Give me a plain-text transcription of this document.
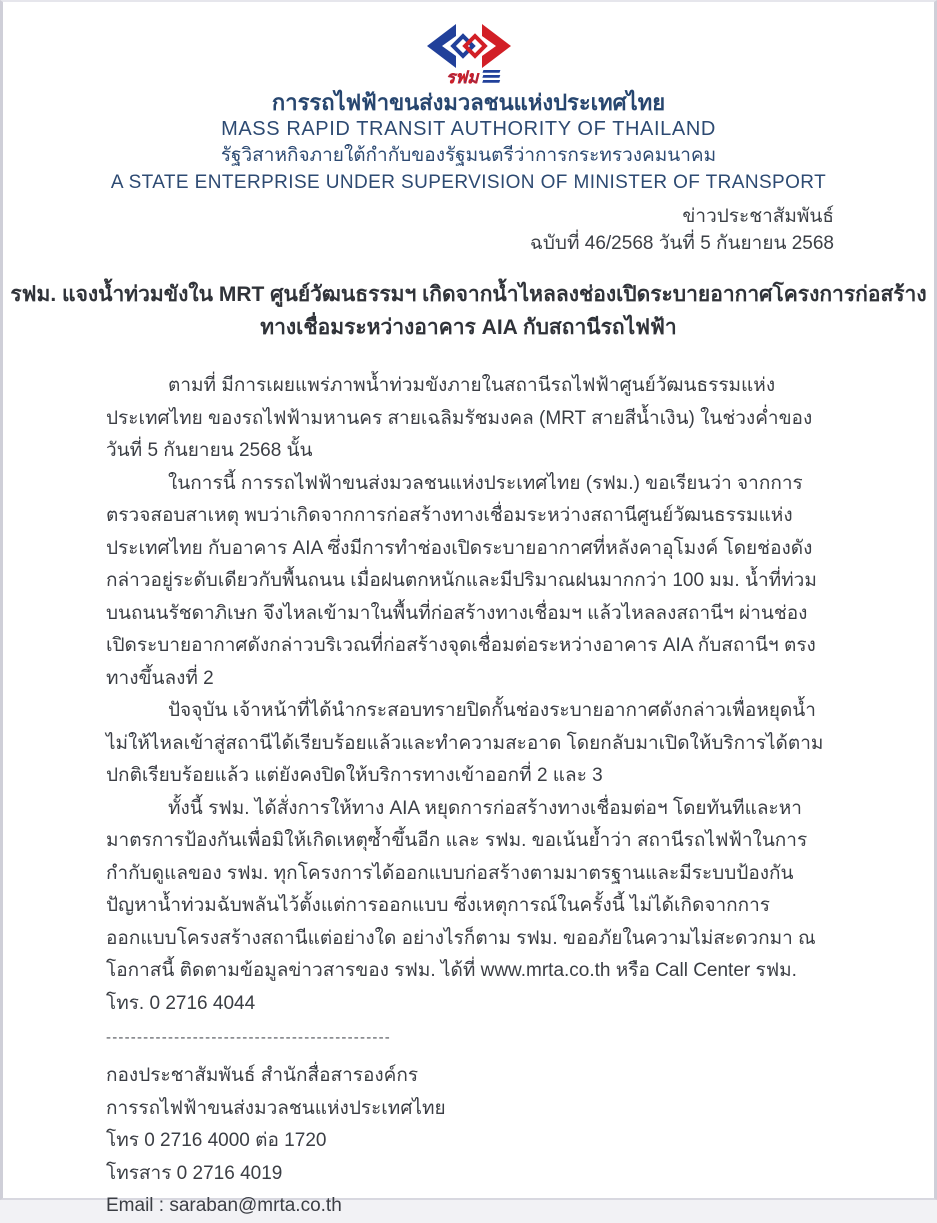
รฟม
การรถไฟฟ้าขนส่งมวลชนแห่งประเทศไทย
MASS RAPID TRANSIT AUTHORITY OF THAILAND
รัฐวิสาหกิจภายใต้กำกับของรัฐมนตรีว่าการกระทรวงคมนาคม
A STATE ENTERPRISE UNDER SUPERVISION OF MINISTER OF TRANSPORT
ข่าวประชาสัมพันธ์
ฉบับที่ 46/2568 วันที่ 5 กันยายน 2568
รฟม. แจงน้ำท่วมขังใน MRT ศูนย์วัฒนธรรมฯ เกิดจากน้ำไหลลงช่องเปิดระบายอากาศโครงการก่อสร้าง
ทางเชื่อมระหว่างอาคาร AIA กับสถานีรถไฟฟ้า

ตามที่ มีการเผยแพร่ภาพน้ำท่วมขังภายในสถานีรถไฟฟ้าศูนย์วัฒนธรรมแห่งประเทศไทย ของรถไฟฟ้ามหานคร สายเฉลิมรัชมงคล (MRT สายสีน้ำเงิน) ในช่วงค่ำของวันที่ 5 กันยายน 2568 นั้น

ในการนี้ การรถไฟฟ้าขนส่งมวลชนแห่งประเทศไทย (รฟม.) ขอเรียนว่า จากการตรวจสอบสาเหตุ พบว่าเกิดจากการก่อสร้างทางเชื่อมระหว่างสถานีศูนย์วัฒนธรรมแห่งประเทศไทย กับอาคาร AIA ซึ่งมีการทำช่องเปิดระบายอากาศที่หลังคาอุโมงค์ โดยช่องดังกล่าวอยู่ระดับเดียวกับพื้นถนน เมื่อฝนตกหนักและมีปริมาณฝนมากกว่า 100 มม. น้ำที่ท่วมบนถนนรัชดาภิเษก จึงไหลเข้ามาในพื้นที่ก่อสร้างทางเชื่อมฯ แล้วไหลลงสถานีฯ ผ่านช่องเปิดระบายอากาศดังกล่าวบริเวณที่ก่อสร้างจุดเชื่อมต่อระหว่างอาคาร AIA กับสถานีฯ ตรงทางขึ้นลงที่ 2

ปัจจุบัน เจ้าหน้าที่ได้นำกระสอบทรายปิดกั้นช่องระบายอากาศดังกล่าวเพื่อหยุดน้ำไม่ให้ไหลเข้าสู่สถานีได้เรียบร้อยแล้วและทำความสะอาด โดยกลับมาเปิดให้บริการได้ตามปกติเรียบร้อยแล้ว แต่ยังคงปิดให้บริการทางเข้าออกที่ 2 และ 3

ทั้งนี้ รฟม. ได้สั่งการให้ทาง AIA หยุดการก่อสร้างทางเชื่อมต่อฯ โดยทันทีและหามาตรการป้องกันเพื่อมิให้เกิดเหตุซ้ำขึ้นอีก และ รฟม. ขอเน้นย้ำว่า สถานีรถไฟฟ้าในการกำกับดูแลของ รฟม. ทุกโครงการได้ออกแบบก่อสร้างตามมาตรฐานและมีระบบป้องกันปัญหาน้ำท่วมฉับพลันไว้ตั้งแต่การออกแบบ ซึ่งเหตุการณ์ในครั้งนี้ ไม่ได้เกิดจากการออกแบบโครงสร้างสถานีแต่อย่างใด อย่างไรก็ตาม รฟม. ขออภัยในความไม่สะดวกมา ณ โอกาสนี้ ติดตามข้อมูลข่าวสารของ รฟม. ได้ที่ www.mrta.co.th หรือ Call Center รฟม. โทร. 0 2716 4044

----------------------------------------------
กองประชาสัมพันธ์ สำนักสื่อสารองค์กร
การรถไฟฟ้าขนส่งมวลชนแห่งประเทศไทย
โทร 0 2716 4000 ต่อ 1720
โทรสาร 0 2716 4019
Email : saraban@mrta.co.th
